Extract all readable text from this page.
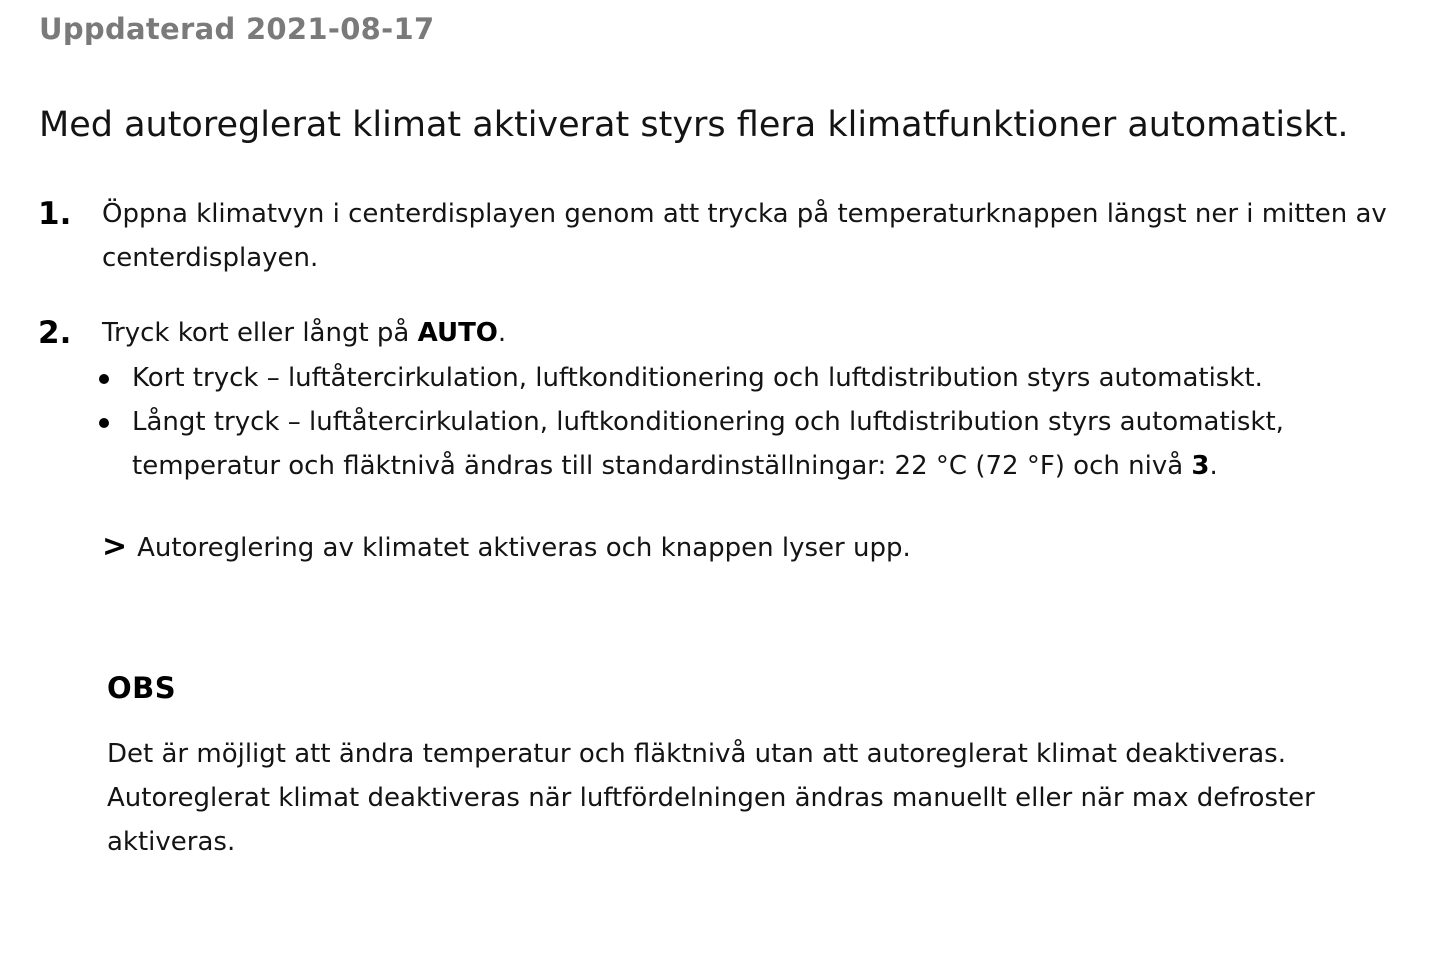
Uppdaterad 2021-08-17
Med autoreglerat klimat aktiverat styrs flera klimatfunktioner automatiskt.
1. Öppna klimatvyn i centerdisplayen genom att trycka på temperaturknappen längst ner i mitten av centerdisplayen.
2. Tryck kort eller långt på AUTO.
Kort tryck – luftåtercirkulation, luftkonditionering och luftdistribution styrs automatiskt.
Långt tryck – luftåtercirkulation, luftkonditionering och luftdistribution styrs automatiskt, temperatur och fläktnivå ändras till standardinställningar: 22 °C (72 °F) och nivå 3.
> Autoreglering av klimatet aktiveras och knappen lyser upp.
OBS
Det är möjligt att ändra temperatur och fläktnivå utan att autoreglerat klimat deaktiveras. Autoreglerat klimat deaktiveras när luftfördelningen ändras manuellt eller när max defroster aktiveras.
